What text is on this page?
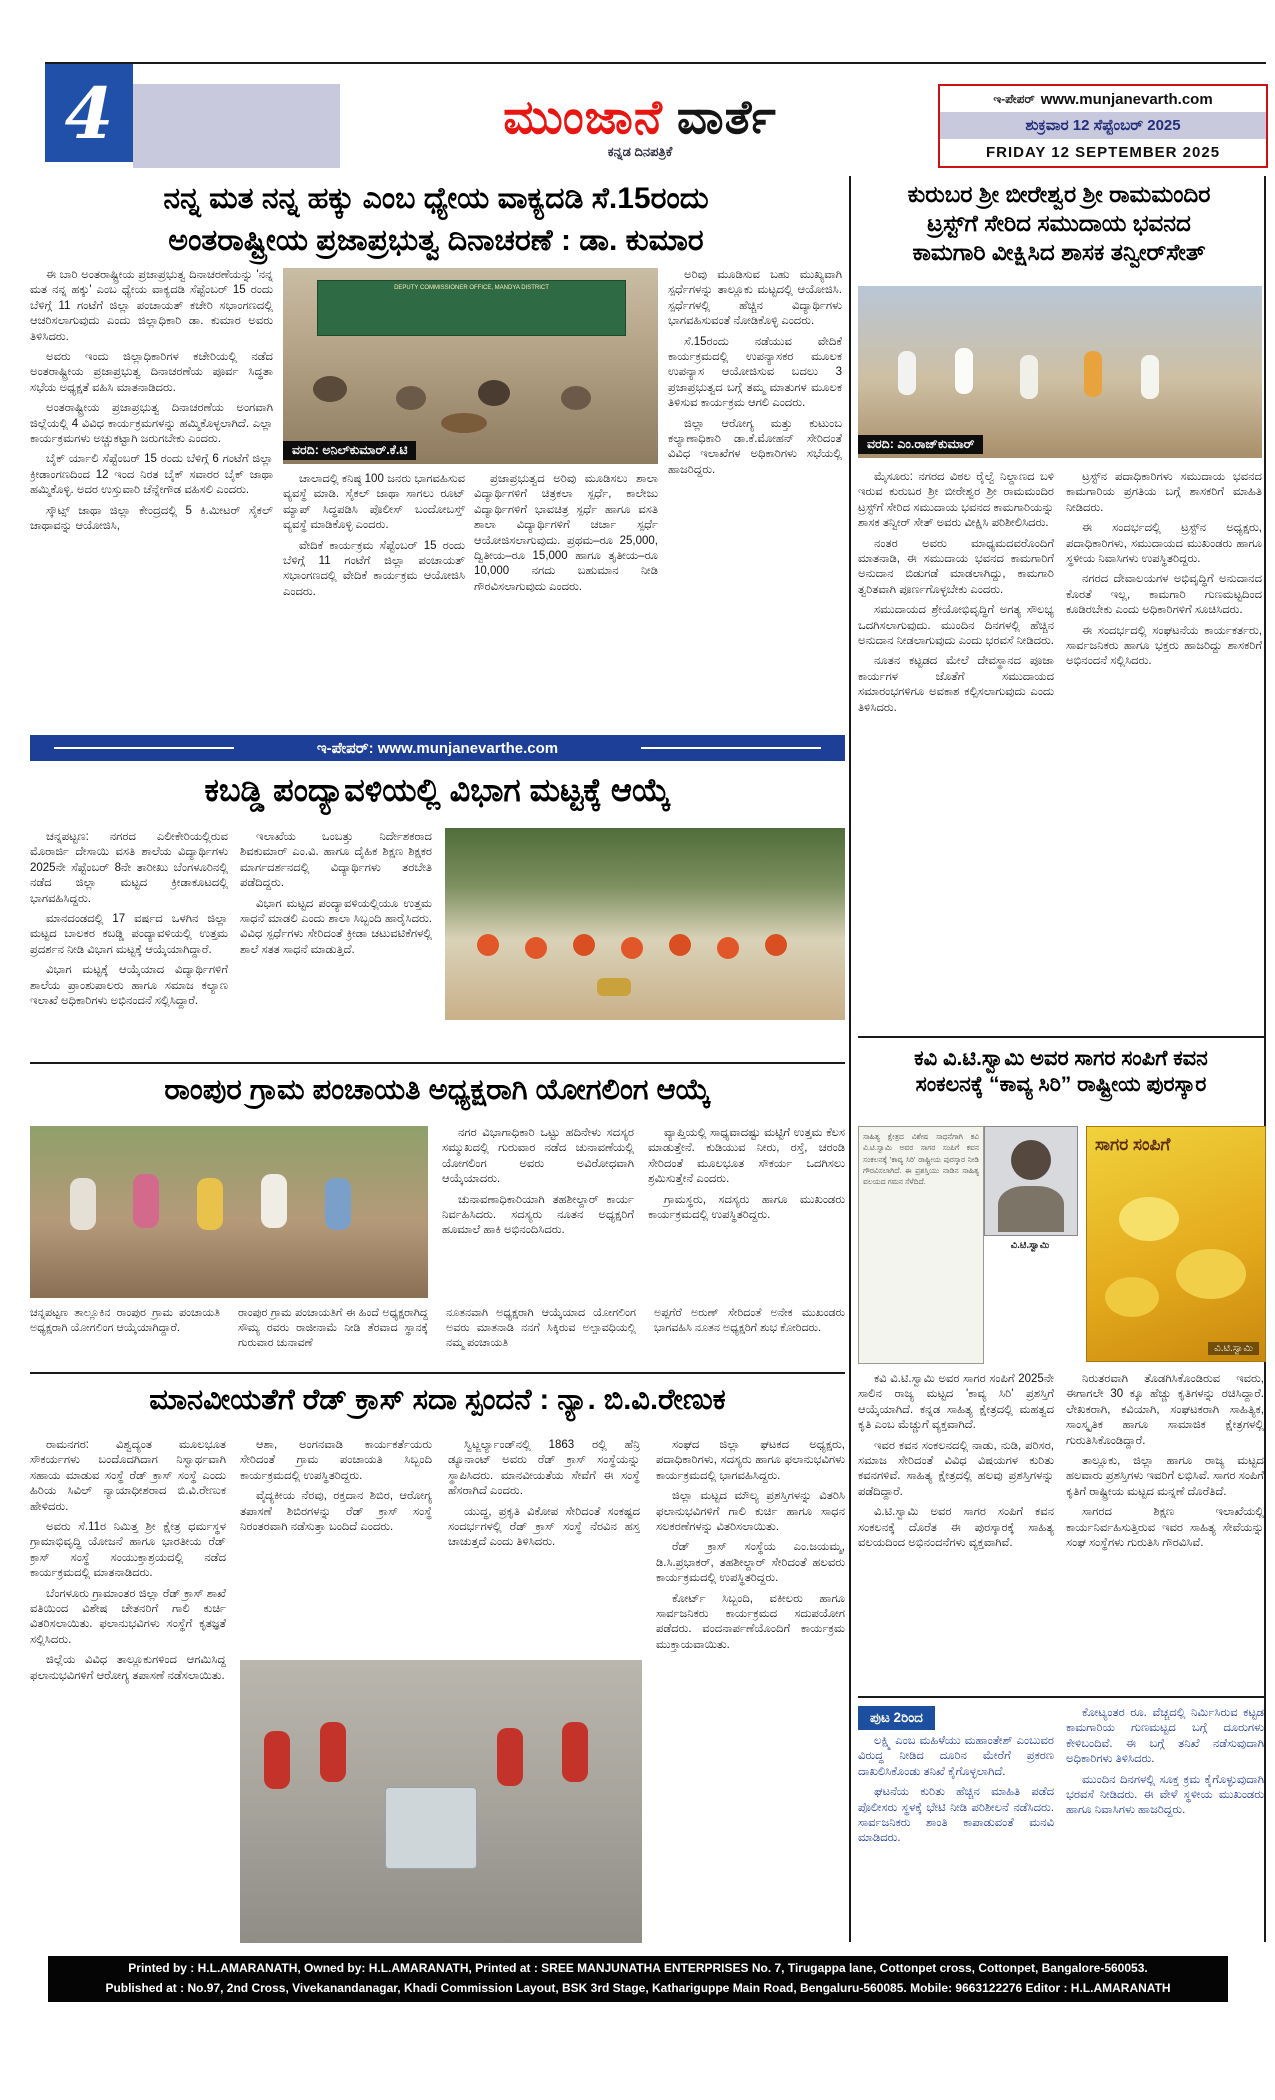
4	ಮುಂಜಾನೆ ವಾರ್ತೆ
ಕನ್ನಡ ದಿನಪತ್ರಿಕೆ
ಇ-ಪೇಪರ್ www.munjanevarth.com
ಶುಕ್ರವಾರ 12 ಸೆಪ್ಟೆಂಬರ್ 2025
FRIDAY 12 SEPTEMBER 2025
ನನ್ನ ಮತ ನನ್ನ ಹಕ್ಕು ಎಂಬ ಧ್ಯೇಯ ವಾಕ್ಯದಡಿ ಸೆ.15ರಂದು
ಅಂತರಾಷ್ಟ್ರೀಯ ಪ್ರಜಾಪ್ರಭುತ್ವ ದಿನಾಚರಣೆ : ಡಾ. ಕುಮಾರ

ಈ ಬಾರಿ ಅಂತರಾಷ್ಟ್ರೀಯ ಪ್ರಜಾಪ್ರಭುತ್ವ ದಿನಾಚರಣೆಯನ್ನು 'ನನ್ನ ಮತ ನನ್ನ ಹಕ್ಕು' ಎಂಬ ಧ್ಯೇಯ ವಾಕ್ಯದಡಿ ಸೆಪ್ಟೆಂಬರ್ 15 ರಂದು ಬೆಳಿಗ್ಗೆ 11 ಗಂಟೆಗೆ ಜಿಲ್ಲಾ ಪಂಚಾಯತ್ ಕಚೇರಿ ಸಭಾಂಗಣದಲ್ಲಿ ಆಚರಿಸಲಾಗುವುದು ಎಂದು ಜಿಲ್ಲಾಧಿಕಾರಿ ಡಾ. ಕುಮಾರ ಅವರು ತಿಳಿಸಿದರು.

ಅವರು ಇಂದು ಜಿಲ್ಲಾಧಿಕಾರಿಗಳ ಕಚೇರಿಯಲ್ಲಿ ನಡೆದ ಅಂತರಾಷ್ಟ್ರೀಯ ಪ್ರಜಾಪ್ರಭುತ್ವ ದಿನಾಚರಣೆಯ ಪೂರ್ವ ಸಿದ್ಧತಾ ಸಭೆಯ ಅಧ್ಯಕ್ಷತೆ ವಹಿಸಿ ಮಾತನಾಡಿದರು.

ಅಂತರಾಷ್ಟ್ರೀಯ ಪ್ರಜಾಪ್ರಭುತ್ವ ದಿನಾಚರಣೆಯ ಅಂಗವಾಗಿ ಜಿಲ್ಲೆಯಲ್ಲಿ 4 ವಿವಿಧ ಕಾರ್ಯಕ್ರಮಗಳನ್ನು ಹಮ್ಮಿಕೊಳ್ಳಲಾಗಿದೆ. ಎಲ್ಲಾ ಕಾರ್ಯಕ್ರಮಗಳು ಅಚ್ಚುಕಟ್ಟಾಗಿ ಜರುಗಬೇಕು ಎಂದರು.

ಬೈಕ್ ರ್ಯಾಲಿ ಸೆಪ್ಟೆಂಬರ್ 15 ರಂದು ಬೆಳಿಗ್ಗೆ 6 ಗಂಟೆಗೆ ಜಿಲ್ಲಾ ಕ್ರೀಡಾಂಗಣದಿಂದ 12 ಇಂದ ನಿರತ ಬೈಕ್ ಸವಾರರ ಬೈಕ್ ಜಾಥಾ ಹಮ್ಮಿಕೊಳ್ಳಿ. ಅದರ ಉಸ್ತುವಾರಿ ಚೆನ್ನೇಗೌಡ ವಹಿಸಲಿ ಎಂದರು.

ಸ್ಕೌಟ್ಸ್ ಜಾಥಾ ಜಿಲ್ಲಾ ಕೇಂದ್ರದಲ್ಲಿ 5 ಕಿ.ಮೀಟರ್ ಸೈಕಲ್ ಜಾಥಾವನ್ನು ಆಯೋಜಿಸಿ,

DEPUTY COMMISSIONER OFFICE, MANDYA DISTRICT
ವರದಿ: ಅನಿಲ್‌ಕುಮಾರ್.ಕೆ.ಟಿ

ಚಾಲಾದಲ್ಲಿ ಕನಿಷ್ಠ 100 ಜನರು ಭಾಗವಹಿಸುವ ವ್ಯವಸ್ಥೆ ಮಾಡಿ. ಸೈಕಲ್ ಜಾಥಾ ಸಾಗಲು ರೂಟ್ ಮ್ಯಾಪ್ ಸಿದ್ಧಪಡಿಸಿ ಪೊಲೀಸ್ ಬಂದೋಬಸ್ತ್ ವ್ಯವಸ್ಥೆ ಮಾಡಿಕೊಳ್ಳಿ ಎಂದರು.

ವೇದಿಕೆ ಕಾರ್ಯಕ್ರಮ ಸೆಪ್ಟೆಂಬರ್ 15 ರಂದು ಬೆಳಿಗ್ಗೆ 11 ಗಂಟೆಗೆ ಜಿಲ್ಲಾ ಪಂಚಾಯತ್ ಸಭಾಂಗಣದಲ್ಲಿ ವೇದಿಕೆ ಕಾರ್ಯಕ್ರಮ ಆಯೋಜಿಸಿ ಎಂದರು.

ಪ್ರಜಾಪ್ರಭುತ್ವದ ಅರಿವು ಮೂಡಿಸಲು ಶಾಲಾ ವಿದ್ಯಾರ್ಥಿಗಳಿಗೆ ಚಿತ್ರಕಲಾ ಸ್ಪರ್ಧೆ, ಕಾಲೇಜು ವಿದ್ಯಾರ್ಥಿಗಳಿಗೆ ಭಾವಚಿತ್ರ ಸ್ಪರ್ಧೆ ಹಾಗೂ ವಸತಿ ಶಾಲಾ ವಿದ್ಯಾರ್ಥಿಗಳಿಗೆ ಚರ್ಚಾ ಸ್ಪರ್ಧೆ ಆಯೋಜಿಸಲಾಗುವುದು. ಪ್ರಥಮ–ರೂ 25,000, ದ್ವಿತೀಯ–ರೂ 15,000 ಹಾಗೂ ತೃತೀಯ–ರೂ 10,000 ನಗದು ಬಹುಮಾನ ನೀಡಿ ಗೌರವಿಸಲಾಗುವುದು ಎಂದರು.

ಅರಿವು ಮೂಡಿಸುವ ಬಹು ಮುಖ್ಯವಾಗಿ ಸ್ಪರ್ಧೆಗಳನ್ನು ತಾಲ್ಲೂಕು ಮಟ್ಟದಲ್ಲಿ ಆಯೋಜಿಸಿ. ಸ್ಪರ್ಧೆಗಳಲ್ಲಿ ಹೆಚ್ಚಿನ ವಿದ್ಯಾರ್ಥಿಗಳು ಭಾಗವಹಿಸುವಂತೆ ನೋಡಿಕೊಳ್ಳಿ ಎಂದರು.

ಸೆ.15ರಂದು ನಡೆಯುವ ವೇದಿಕೆ ಕಾರ್ಯಕ್ರಮದಲ್ಲಿ ಉಪನ್ಯಾಸಕರ ಮೂಲಕ ಉಪನ್ಯಾಸ ಆಯೋಜಿಸುವ ಬದಲು 3 ಪ್ರಜಾಪ್ರಭುತ್ವದ ಬಗ್ಗೆ ತಮ್ಮ ಮಾತುಗಳ ಮೂಲಕ ತಿಳಿಸುವ ಕಾರ್ಯಕ್ರಮ ಆಗಲಿ ಎಂದರು.

ಜಿಲ್ಲಾ ಆರೋಗ್ಯ ಮತ್ತು ಕುಟುಂಬ ಕಲ್ಯಾಣಾಧಿಕಾರಿ ಡಾ.ಕೆ.ಮೋಹನ್ ಸೇರಿದಂತೆ ವಿವಿಧ ಇಲಾಖೆಗಳ ಅಧಿಕಾರಿಗಳು ಸಭೆಯಲ್ಲಿ ಹಾಜರಿದ್ದರು.

ಕುರುಬರ ಶ್ರೀ ಬೀರೇಶ್ವರ ಶ್ರೀ ರಾಮಮಂದಿರ
ಟ್ರಸ್ಟ್‌ಗೆ ಸೇರಿದ ಸಮುದಾಯ ಭವನದ
ಕಾಮಗಾರಿ ವೀಕ್ಷಿಸಿದ ಶಾಸಕ ತನ್ವೀರ್‌ಸೇತ್
ವರದಿ: ಎಂ.ರಾಜ್‌ಕುಮಾರ್

ಮೈಸೂರು: ನಗರದ ವಿಠಲ ರೈಲ್ವೆ ನಿಲ್ದಾಣದ ಬಳಿ ಇರುವ ಕುರುಬರ ಶ್ರೀ ಬೀರೇಶ್ವರ ಶ್ರೀ ರಾಮಮಂದಿರ ಟ್ರಸ್ಟ್‌ಗೆ ಸೇರಿದ ಸಮುದಾಯ ಭವನದ ಕಾಮಗಾರಿಯನ್ನು ಶಾಸಕ ತನ್ವೀರ್ ಸೇತ್ ಅವರು ವೀಕ್ಷಿಸಿ ಪರಿಶೀಲಿಸಿದರು.

ನಂತರ ಅವರು ಮಾಧ್ಯಮದವರೊಂದಿಗೆ ಮಾತನಾಡಿ, ಈ ಸಮುದಾಯ ಭವನದ ಕಾಮಗಾರಿಗೆ ಅನುದಾನ ಬಿಡುಗಡೆ ಮಾಡಲಾಗಿದ್ದು, ಕಾಮಗಾರಿ ತ್ವರಿತವಾಗಿ ಪೂರ್ಣಗೊಳ್ಳಬೇಕು ಎಂದರು.

ಸಮುದಾಯದ ಶ್ರೇಯೋಭಿವೃದ್ಧಿಗೆ ಅಗತ್ಯ ಸೌಲಭ್ಯ ಒದಗಿಸಲಾಗುವುದು. ಮುಂದಿನ ದಿನಗಳಲ್ಲಿ ಹೆಚ್ಚಿನ ಅನುದಾನ ನೀಡಲಾಗುವುದು ಎಂದು ಭರವಸೆ ನೀಡಿದರು.

ನೂತನ ಕಟ್ಟಡದ ಮೇಲೆ ದೇವಸ್ಥಾನದ ಪೂಜಾ ಕಾರ್ಯಗಳ ಜೊತೆಗೆ ಸಮುದಾಯದ ಸಮಾರಂಭಗಳಿಗೂ ಅವಕಾಶ ಕಲ್ಪಿಸಲಾಗುವುದು ಎಂದು ತಿಳಿಸಿದರು.

ಟ್ರಸ್ಟ್‌ನ ಪದಾಧಿಕಾರಿಗಳು ಸಮುದಾಯ ಭವನದ ಕಾಮಗಾರಿಯ ಪ್ರಗತಿಯ ಬಗ್ಗೆ ಶಾಸಕರಿಗೆ ಮಾಹಿತಿ ನೀಡಿದರು.

ಈ ಸಂದರ್ಭದಲ್ಲಿ ಟ್ರಸ್ಟ್‌ನ ಅಧ್ಯಕ್ಷರು, ಪದಾಧಿಕಾರಿಗಳು, ಸಮುದಾಯದ ಮುಖಂಡರು ಹಾಗೂ ಸ್ಥಳೀಯ ನಿವಾಸಿಗಳು ಉಪಸ್ಥಿತರಿದ್ದರು.

ನಗರದ ದೇವಾಲಯಗಳ ಅಭಿವೃದ್ಧಿಗೆ ಅನುದಾನದ ಕೊರತೆ ಇಲ್ಲ, ಕಾಮಗಾರಿ ಗುಣಮಟ್ಟದಿಂದ ಕೂಡಿರಬೇಕು ಎಂದು ಅಧಿಕಾರಿಗಳಿಗೆ ಸೂಚಿಸಿದರು.

ಈ ಸಂದರ್ಭದಲ್ಲಿ ಸಂಘಟನೆಯ ಕಾರ್ಯಕರ್ತರು, ಸಾರ್ವಜನಿಕರು ಹಾಗೂ ಭಕ್ತರು ಹಾಜರಿದ್ದು ಶಾಸಕರಿಗೆ ಅಭಿನಂದನೆ ಸಲ್ಲಿಸಿದರು.

ಇ-ಪೇಪರ್: www.munjanevarthe.com
ಕಬಡ್ಡಿ ಪಂದ್ಯಾವಳಿಯಲ್ಲಿ ವಿಭಾಗ ಮಟ್ಟಕ್ಕೆ ಆಯ್ಕೆ

ಚನ್ನಪಟ್ಟಣ: ನಗರದ ಎಲೀಕೇರಿಯಲ್ಲಿರುವ ಮೊರಾರ್ಜಿ ದೇಸಾಯಿ ವಸತಿ ಶಾಲೆಯ ವಿದ್ಯಾರ್ಥಿಗಳು 2025ನೇ ಸೆಪ್ಟೆಂಬರ್ 8ನೇ ತಾರೀಖು ಬೆಂಗಳೂರಿನಲ್ಲಿ ನಡೆದ ಜಿಲ್ಲಾ ಮಟ್ಟದ ಕ್ರೀಡಾಕೂಟದಲ್ಲಿ ಭಾಗವಹಿಸಿದ್ದರು.

ಮಾನದಂಡದಲ್ಲಿ 17 ವರ್ಷದ ಒಳಗಿನ ಜಿಲ್ಲಾ ಮಟ್ಟದ ಬಾಲಕರ ಕಬಡ್ಡಿ ಪಂದ್ಯಾವಳಿಯಲ್ಲಿ ಉತ್ತಮ ಪ್ರದರ್ಶನ ನೀಡಿ ವಿಭಾಗ ಮಟ್ಟಕ್ಕೆ ಆಯ್ಕೆಯಾಗಿದ್ದಾರೆ.

ವಿಭಾಗ ಮಟ್ಟಕ್ಕೆ ಆಯ್ಕೆಯಾದ ವಿದ್ಯಾರ್ಥಿಗಳಿಗೆ ಶಾಲೆಯ ಪ್ರಾಂಶುಪಾಲರು ಹಾಗೂ ಸಮಾಜ ಕಲ್ಯಾಣ ಇಲಾಖೆ ಅಧಿಕಾರಿಗಳು ಅಭಿನಂದನೆ ಸಲ್ಲಿಸಿದ್ದಾರೆ.

ಇಲಾಖೆಯ ಒಂಬತ್ತು ನಿರ್ದೇಶಕರಾದ ಶಿವಕುಮಾರ್ ಎಂ.ವಿ. ಹಾಗೂ ದೈಹಿಕ ಶಿಕ್ಷಣ ಶಿಕ್ಷಕರ ಮಾರ್ಗದರ್ಶನದಲ್ಲಿ ವಿದ್ಯಾರ್ಥಿಗಳು ತರಬೇತಿ ಪಡೆದಿದ್ದರು.

ವಿಭಾಗ ಮಟ್ಟದ ಪಂದ್ಯಾವಳಿಯಲ್ಲಿಯೂ ಉತ್ತಮ ಸಾಧನೆ ಮಾಡಲಿ ಎಂದು ಶಾಲಾ ಸಿಬ್ಬಂದಿ ಹಾರೈಸಿದರು. ವಿವಿಧ ಸ್ಪರ್ಧೆಗಳು ಸೇರಿದಂತೆ ಕ್ರೀಡಾ ಚಟುವಟಿಕೆಗಳಲ್ಲಿ ಶಾಲೆ ಸತತ ಸಾಧನೆ ಮಾಡುತ್ತಿದೆ.

ರಾಂಪುರ ಗ್ರಾಮ ಪಂಚಾಯತಿ ಅಧ್ಯಕ್ಷರಾಗಿ ಯೋಗಲಿಂಗ ಆಯ್ಕೆ

ನಗರ ವಿಭಾಗಾಧಿಕಾರಿ ಒಟ್ಟು ಹದಿನೇಳು ಸದಸ್ಯರ ಸಮ್ಮುಖದಲ್ಲಿ ಗುರುವಾರ ನಡೆದ ಚುನಾವಣೆಯಲ್ಲಿ ಯೋಗಲಿಂಗ ಅವರು ಅವಿರೋಧವಾಗಿ ಆಯ್ಕೆಯಾದರು.

ಚುನಾವಣಾಧಿಕಾರಿಯಾಗಿ ತಹಶೀಲ್ದಾರ್ ಕಾರ್ಯ ನಿರ್ವಹಿಸಿದರು. ಸದಸ್ಯರು ನೂತನ ಅಧ್ಯಕ್ಷರಿಗೆ ಹೂಮಾಲೆ ಹಾಕಿ ಅಭಿನಂದಿಸಿದರು.

ವ್ಯಾಪ್ತಿಯಲ್ಲಿ ಸಾಧ್ಯವಾದಷ್ಟು ಮಟ್ಟಿಗೆ ಉತ್ತಮ ಕೆಲಸ ಮಾಡುತ್ತೇನೆ. ಕುಡಿಯುವ ನೀರು, ರಸ್ತೆ, ಚರಂಡಿ ಸೇರಿದಂತೆ ಮೂಲಭೂತ ಸೌಕರ್ಯ ಒದಗಿಸಲು ಶ್ರಮಿಸುತ್ತೇನೆ ಎಂದರು.

ಗ್ರಾಮಸ್ಥರು, ಸದಸ್ಯರು ಹಾಗೂ ಮುಖಂಡರು ಕಾರ್ಯಕ್ರಮದಲ್ಲಿ ಉಪಸ್ಥಿತರಿದ್ದರು.

ಚನ್ನಪಟ್ಟಣ ತಾಲ್ಲೂಕಿನ ರಾಂಪುರ ಗ್ರಾಮ ಪಂಚಾಯತಿ ಅಧ್ಯಕ್ಷರಾಗಿ ಯೋಗಲಿಂಗ ಆಯ್ಕೆಯಾಗಿದ್ದಾರೆ.
ರಾಂಪುರ ಗ್ರಾಮ ಪಂಚಾಯತಿಗೆ ಈ ಹಿಂದೆ ಅಧ್ಯಕ್ಷರಾಗಿದ್ದ ಸೌಮ್ಯ ರವರು ರಾಜೀನಾಮೆ ನೀಡಿ ತೆರವಾದ ಸ್ಥಾನಕ್ಕೆ ಗುರುವಾರ ಚುನಾವಣೆ
ನೂತನವಾಗಿ ಅಧ್ಯಕ್ಷರಾಗಿ ಆಯ್ಕೆಯಾದ ಯೋಗಲಿಂಗ ಅವರು ಮಾತನಾಡಿ ನನಗೆ ಸಿಕ್ಕಿರುವ ಅಲ್ಪಾವಧಿಯಲ್ಲಿ ನಮ್ಮ ಪಂಚಾಯತಿ
ಅಪ್ಪಗೆರೆ ಅರುಣ್ ಸೇರಿದಂತೆ ಅನೇಕ ಮುಖಂಡರು ಭಾಗವಹಿಸಿ ನೂತನ ಅಧ್ಯಕ್ಷರಿಗೆ ಶುಭ ಕೋರಿದರು.
ಮಾನವೀಯತೆಗೆ ರೆಡ್ ಕ್ರಾಸ್ ಸದಾ ಸ್ಪಂದನೆ : ನ್ಯಾ. ಬಿ.ವಿ.ರೇಣುಕ

ರಾಮನಗರ: ವಿಶ್ವದ್ಯಂತ ಮೂಲಭೂತ ಸೌಕರ್ಯಗಳು ಬಂದೊದಗಿದಾಗ ನಿಸ್ವಾರ್ಥವಾಗಿ ಸಹಾಯ ಮಾಡುವ ಸಂಸ್ಥೆ ರೆಡ್ ಕ್ರಾಸ್ ಸಂಸ್ಥೆ ಎಂದು ಹಿರಿಯ ಸಿವಿಲ್ ನ್ಯಾಯಾಧೀಶರಾದ ಬಿ.ವಿ.ರೇಣುಕ ಹೇಳಿದರು.

ಅವರು ಸೆ.11ರ ನಿಮಿತ್ತ ಶ್ರೀ ಕ್ಷೇತ್ರ ಧರ್ಮಸ್ಥಳ ಗ್ರಾಮಾಭಿವೃದ್ಧಿ ಯೋಜನೆ ಹಾಗೂ ಭಾರತೀಯ ರೆಡ್ ಕ್ರಾಸ್ ಸಂಸ್ಥೆ ಸಂಯುಕ್ತಾಶ್ರಯದಲ್ಲಿ ನಡೆದ ಕಾರ್ಯಕ್ರಮದಲ್ಲಿ ಮಾತನಾಡಿದರು.

ಬೆಂಗಳೂರು ಗ್ರಾಮಾಂತರ ಜಿಲ್ಲಾ ರೆಡ್ ಕ್ರಾಸ್ ಶಾಖೆ ವತಿಯಿಂದ ವಿಶೇಷ ಚೇತನರಿಗೆ ಗಾಲಿ ಕುರ್ಚಿ ವಿತರಿಸಲಾಯಿತು. ಫಲಾನುಭವಿಗಳು ಸಂಸ್ಥೆಗೆ ಕೃತಜ್ಞತೆ ಸಲ್ಲಿಸಿದರು.

ಜಿಲ್ಲೆಯ ವಿವಿಧ ತಾಲ್ಲೂಕುಗಳಿಂದ ಆಗಮಿಸಿದ್ದ ಫಲಾನುಭವಿಗಳಿಗೆ ಆರೋಗ್ಯ ತಪಾಸಣೆ ನಡೆಸಲಾಯಿತು.

ಆಶಾ, ಅಂಗನವಾಡಿ ಕಾರ್ಯಕರ್ತೆಯರು ಸೇರಿದಂತೆ ಗ್ರಾಮ ಪಂಚಾಯತಿ ಸಿಬ್ಬಂದಿ ಕಾರ್ಯಕ್ರಮದಲ್ಲಿ ಉಪಸ್ಥಿತರಿದ್ದರು.

ವೈದ್ಯಕೀಯ ನೆರವು, ರಕ್ತದಾನ ಶಿಬಿರ, ಆರೋಗ್ಯ ತಪಾಸಣೆ ಶಿಬಿರಗಳನ್ನು ರೆಡ್ ಕ್ರಾಸ್ ಸಂಸ್ಥೆ ನಿರಂತರವಾಗಿ ನಡೆಸುತ್ತಾ ಬಂದಿದೆ ಎಂದರು.

ಸ್ವಿಟ್ಜರ್ಲ್ಯಾಂಡ್‌ನಲ್ಲಿ 1863 ರಲ್ಲಿ ಹೆನ್ರಿ ಡ್ಯೂನಾಂಟ್ ಅವರು ರೆಡ್ ಕ್ರಾಸ್ ಸಂಸ್ಥೆಯನ್ನು ಸ್ಥಾಪಿಸಿದರು. ಮಾನವೀಯತೆಯ ಸೇವೆಗೆ ಈ ಸಂಸ್ಥೆ ಹೆಸರಾಗಿದೆ ಎಂದರು.

ಯುದ್ಧ, ಪ್ರಕೃತಿ ವಿಕೋಪ ಸೇರಿದಂತೆ ಸಂಕಷ್ಟದ ಸಂದರ್ಭಗಳಲ್ಲಿ ರೆಡ್ ಕ್ರಾಸ್ ಸಂಸ್ಥೆ ನೆರವಿನ ಹಸ್ತ ಚಾಚುತ್ತದೆ ಎಂದು ತಿಳಿಸಿದರು.

ಸಂಘದ ಜಿಲ್ಲಾ ಘಟಕದ ಅಧ್ಯಕ್ಷರು, ಪದಾಧಿಕಾರಿಗಳು, ಸದಸ್ಯರು ಹಾಗೂ ಫಲಾನುಭವಿಗಳು ಕಾರ್ಯಕ್ರಮದಲ್ಲಿ ಭಾಗವಹಿಸಿದ್ದರು.

ಜಿಲ್ಲಾ ಮಟ್ಟದ ಮೌಲ್ಯ ಪ್ರಶಸ್ತಿಗಳನ್ನು ವಿತರಿಸಿ ಫಲಾನುಭವಿಗಳಿಗೆ ಗಾಲಿ ಕುರ್ಚಿ ಹಾಗೂ ಸಾಧನ ಸಲಕರಣೆಗಳನ್ನು ವಿತರಿಸಲಾಯಿತು.

ರೆಡ್ ಕ್ರಾಸ್ ಸಂಸ್ಥೆಯ ಎಂ.ಜಯಮ್ಮ, ಡಿ.ಸಿ.ಪ್ರಭಾಕರ್, ತಹಶೀಲ್ದಾರ್ ಸೇರಿದಂತೆ ಹಲವರು ಕಾರ್ಯಕ್ರಮದಲ್ಲಿ ಉಪಸ್ಥಿತರಿದ್ದರು.

ಕೋರ್ಟ್ ಸಿಬ್ಬಂದಿ, ವಕೀಲರು ಹಾಗೂ ಸಾರ್ವಜನಿಕರು ಕಾರ್ಯಕ್ರಮದ ಸದುಪಯೋಗ ಪಡೆದರು. ವಂದನಾರ್ಪಣೆಯೊಂದಿಗೆ ಕಾರ್ಯಕ್ರಮ ಮುಕ್ತಾಯವಾಯಿತು.

ಕವಿ ವಿ.ಟಿ.ಸ್ವಾಮಿ ಅವರ ಸಾಗರ ಸಂಪಿಗೆ ಕವನ
ಸಂಕಲನಕ್ಕೆ “ಕಾವ್ಯ ಸಿರಿ” ರಾಷ್ಟ್ರೀಯ ಪುರಸ್ಕಾರ
ಸಾಹಿತ್ಯ ಕ್ಷೇತ್ರದ ವಿಶೇಷ ಸಾಧನೆಗಾಗಿ ಕವಿ ವಿ.ಟಿ.ಸ್ವಾಮಿ ಅವರ ಸಾಗರ ಸಂಪಿಗೆ ಕವನ ಸಂಕಲನಕ್ಕೆ 'ಕಾವ್ಯ ಸಿರಿ' ರಾಷ್ಟ್ರೀಯ ಪುರಸ್ಕಾರ ನೀಡಿ ಗೌರವಿಸಲಾಗಿದೆ. ಈ ಪ್ರಶಸ್ತಿಯು ನಾಡಿನ ಸಾಹಿತ್ಯ ವಲಯದ ಗಮನ ಸೆಳೆದಿದೆ.
ವಿ.ಟಿ.ಸ್ವಾಮಿ
ಸಾಗರ ಸಂಪಿಗೆ
ವಿ.ಟಿ.ಸ್ವಾಮಿ

ಕವಿ ವಿ.ಟಿ.ಸ್ವಾಮಿ ಅವರ ಸಾಗರ ಸಂಪಿಗೆ 2025ನೇ ಸಾಲಿನ ರಾಜ್ಯ ಮಟ್ಟದ 'ಕಾವ್ಯ ಸಿರಿ' ಪ್ರಶಸ್ತಿಗೆ ಆಯ್ಕೆಯಾಗಿದೆ. ಕನ್ನಡ ಸಾಹಿತ್ಯ ಕ್ಷೇತ್ರದಲ್ಲಿ ಮಹತ್ವದ ಕೃತಿ ಎಂಬ ಮೆಚ್ಚುಗೆ ವ್ಯಕ್ತವಾಗಿದೆ.

ಇವರ ಕವನ ಸಂಕಲನದಲ್ಲಿ ನಾಡು, ನುಡಿ, ಪರಿಸರ, ಸಮಾಜ ಸೇರಿದಂತೆ ವಿವಿಧ ವಿಷಯಗಳ ಕುರಿತು ಕವನಗಳಿವೆ. ಸಾಹಿತ್ಯ ಕ್ಷೇತ್ರದಲ್ಲಿ ಹಲವು ಪ್ರಶಸ್ತಿಗಳನ್ನು ಪಡೆದಿದ್ದಾರೆ.

ವಿ.ಟಿ.ಸ್ವಾಮಿ ಅವರ ಸಾಗರ ಸಂಪಿಗೆ ಕವನ ಸಂಕಲನಕ್ಕೆ ದೊರೆತ ಈ ಪುರಸ್ಕಾರಕ್ಕೆ ಸಾಹಿತ್ಯ ವಲಯದಿಂದ ಅಭಿನಂದನೆಗಳು ವ್ಯಕ್ತವಾಗಿವೆ.

ನಿರುತರವಾಗಿ ತೊಡಗಿಸಿಕೊಂಡಿರುವ ಇವರು, ಈಗಾಗಲೇ 30 ಕ್ಕೂ ಹೆಚ್ಚು ಕೃತಿಗಳನ್ನು ರಚಿಸಿದ್ದಾರೆ. ಲೇಖಕರಾಗಿ, ಕವಿಯಾಗಿ, ಸಂಘಟಕರಾಗಿ ಸಾಹಿತ್ಯಿಕ, ಸಾಂಸ್ಕೃತಿಕ ಹಾಗೂ ಸಾಮಾಜಿಕ ಕ್ಷೇತ್ರಗಳಲ್ಲಿ ಗುರುತಿಸಿಕೊಂಡಿದ್ದಾರೆ.

ತಾಲ್ಲೂಕು, ಜಿಲ್ಲಾ ಹಾಗೂ ರಾಜ್ಯ ಮಟ್ಟದ ಹಲವಾರು ಪ್ರಶಸ್ತಿಗಳು ಇವರಿಗೆ ಲಭಿಸಿವೆ. ಸಾಗರ ಸಂಪಿಗೆ ಕೃತಿಗೆ ರಾಷ್ಟ್ರೀಯ ಮಟ್ಟದ ಮನ್ನಣೆ ದೊರೆತಿದೆ.

ಸಾಗರದ ಶಿಕ್ಷಣ ಇಲಾಖೆಯಲ್ಲಿ ಕಾರ್ಯನಿರ್ವಹಿಸುತ್ತಿರುವ ಇವರ ಸಾಹಿತ್ಯ ಸೇವೆಯನ್ನು ಸಂಘ ಸಂಸ್ಥೆಗಳು ಗುರುತಿಸಿ ಗೌರವಿಸಿವೆ.

ಪುಟ 2ರಿಂದ

ಲಕ್ಷ್ಮಿ ಎಂಬ ಮಹಿಳೆಯು ಮಹಾಂತೇಶ್ ಎಂಬುವರ ವಿರುದ್ಧ ನೀಡಿದ ದೂರಿನ ಮೇರೆಗೆ ಪ್ರಕರಣ ದಾಖಲಿಸಿಕೊಂಡು ತನಿಖೆ ಕೈಗೊಳ್ಳಲಾಗಿದೆ.

ಘಟನೆಯ ಕುರಿತು ಹೆಚ್ಚಿನ ಮಾಹಿತಿ ಪಡೆದ ಪೊಲೀಸರು ಸ್ಥಳಕ್ಕೆ ಭೇಟಿ ನೀಡಿ ಪರಿಶೀಲನೆ ನಡೆಸಿದರು. ಸಾರ್ವಜನಿಕರು ಶಾಂತಿ ಕಾಪಾಡುವಂತೆ ಮನವಿ ಮಾಡಿದರು.

ಕೋಟ್ಯಂತರ ರೂ. ವೆಚ್ಚದಲ್ಲಿ ನಿರ್ಮಿಸಿರುವ ಕಟ್ಟಡ ಕಾಮಗಾರಿಯ ಗುಣಮಟ್ಟದ ಬಗ್ಗೆ ದೂರುಗಳು ಕೇಳಿಬಂದಿವೆ. ಈ ಬಗ್ಗೆ ತನಿಖೆ ನಡೆಸುವುದಾಗಿ ಅಧಿಕಾರಿಗಳು ತಿಳಿಸಿದರು.

ಮುಂದಿನ ದಿನಗಳಲ್ಲಿ ಸೂಕ್ತ ಕ್ರಮ ಕೈಗೊಳ್ಳುವುದಾಗಿ ಭರವಸೆ ನೀಡಿದರು. ಈ ವೇಳೆ ಸ್ಥಳೀಯ ಮುಖಂಡರು ಹಾಗೂ ನಿವಾಸಿಗಳು ಹಾಜರಿದ್ದರು.

Printed by : H.L.AMARANATH, Owned by: H.L.AMARANATH, Printed at : SREE MANJUNATHA ENTERPRISES No. 7, Tirugappa lane, Cottonpet cross, Cottonpet, Bangalore-560053.
Published at : No.97, 2nd Cross, Vivekanandanagar, Khadi Commission Layout, BSK 3rd Stage, Kathariguppe Main Road, Bengaluru-560085. Mobile: 9663122276 Editor : H.L.AMARANATH
